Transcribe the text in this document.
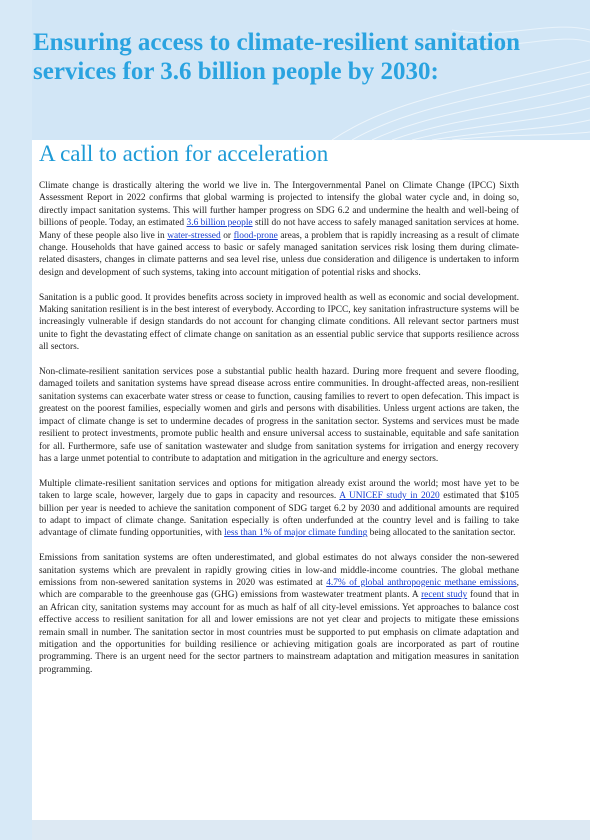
Ensuring access to climate-resilient sanitation services for 3.6 billion people by 2030:
A call to action for acceleration

Climate change is drastically altering the world we live in. The Intergovernmental Panel on Climate Change (IPCC) Sixth Assessment Report in 2022 confirms that global warming is projected to intensify the global water cycle and, in doing so, directly impact sanitation systems. This will further hamper progress on SDG 6.2 and undermine the health and well-being of billions of people. Today, an estimated 3.6 billion people still do not have access to safely managed sanitation services at home. Many of these people also live in water-stressed or flood-prone areas, a problem that is rapidly increasing as a result of climate change. Households that have gained access to basic or safely managed sanitation services risk losing them during climate-related disasters, changes in climate patterns and sea level rise, unless due consideration and diligence is undertaken to inform design and development of such systems, taking into account mitigation of potential risks and shocks.

Sanitation is a public good. It provides benefits across society in improved health as well as economic and social development. Making sanitation resilient is in the best interest of everybody. According to IPCC, key sanitation infrastructure systems will be increasingly vulnerable if design standards do not account for changing climate conditions. All relevant sector partners must unite to fight the devastating effect of climate change on sanitation as an essential public service that supports resilience across all sectors.

Non-climate-resilient sanitation services pose a substantial public health hazard. During more frequent and severe flooding, damaged toilets and sanitation systems have spread disease across entire communities. In drought-affected areas, non-resilient sanitation systems can exacerbate water stress or cease to function, causing families to revert to open defecation. This impact is greatest on the poorest families, especially women and girls and persons with disabilities. Unless urgent actions are taken, the impact of climate change is set to undermine decades of progress in the sanitation sector. Systems and services must be made resilient to protect investments, promote public health and ensure universal access to sustainable, equitable and safe sanitation for all. Furthermore, safe use of sanitation wastewater and sludge from sanitation systems for irrigation and energy recovery has a large unmet potential to contribute to adaptation and mitigation in the agriculture and energy sectors.

Multiple climate-resilient sanitation services and options for mitigation already exist around the world; most have yet to be taken to large scale, however, largely due to gaps in capacity and resources. A UNICEF study in 2020 estimated that $105 billion per year is needed to achieve the sanitation component of SDG target 6.2 by 2030 and additional amounts are required to adapt to impact of climate change. Sanitation especially is often underfunded at the country level and is failing to take advantage of climate funding opportunities, with less than 1% of major climate funding being allocated to the sanitation sector.

Emissions from sanitation systems are often underestimated, and global estimates do not always consider the non-sewered sanitation systems which are prevalent in rapidly growing cities in low-and middle-income countries. The global methane emissions from non-sewered sanitation systems in 2020 was estimated at 4.7% of global anthropogenic methane emissions, which are comparable to the greenhouse gas (GHG) emissions from wastewater treatment plants. A recent study found that in an African city, sanitation systems may account for as much as half of all city-level emissions. Yet approaches to balance cost effective access to resilient sanitation for all and lower emissions are not yet clear and projects to mitigate these emissions remain small in number. The sanitation sector in most countries must be supported to put emphasis on climate adaptation and mitigation and the opportunities for building resilience or achieving mitigation goals are incorporated as part of routine programming. There is an urgent need for the sector partners to mainstream adaptation and mitigation measures in sanitation programming.
